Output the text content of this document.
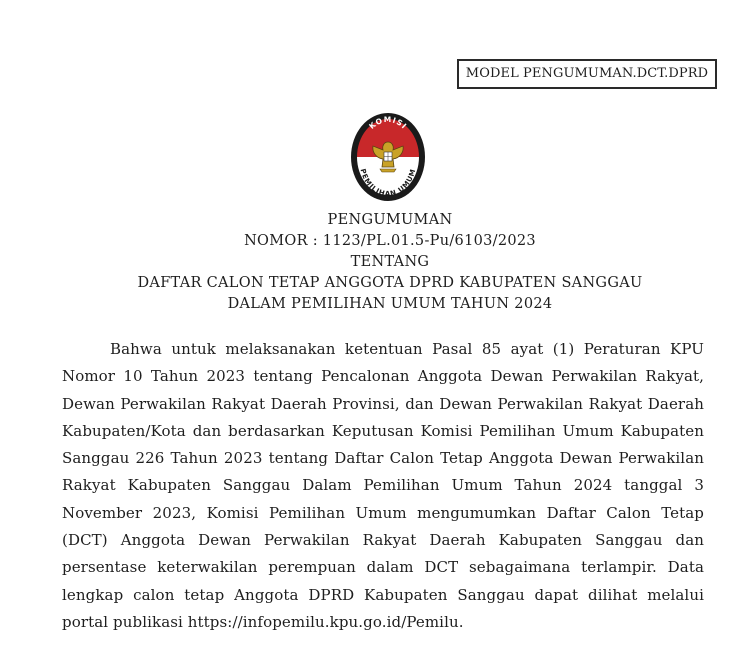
MODEL PENGUMUMAN.DCT.DPRD
KOMISI
PEMILIHAN UMUM
PENGUMUMAN
NOMOR : 1123/PL.01.5-Pu/6103/2023
TENTANG
DAFTAR CALON TETAP ANGGOTA DPRD KABUPATEN SANGGAU
DALAM PEMILIHAN UMUM TAHUN 2024
Bahwa untuk melaksanakan ketentuan Pasal 85 ayat (1) Peraturan KPU Nomor 10 Tahun 2023 tentang Pencalonan Anggota Dewan Perwakilan Rakyat, Dewan Perwakilan Rakyat Daerah Provinsi, dan Dewan Perwakilan Rakyat Daerah Kabupaten/Kota dan berdasarkan Keputusan Komisi Pemilihan Umum Kabupaten Sanggau 226 Tahun 2023 tentang Daftar Calon Tetap Anggota Dewan Perwakilan Rakyat Kabupaten Sanggau Dalam Pemilihan Umum Tahun 2024 tanggal 3 November 2023, Komisi Pemilihan Umum mengumumkan Daftar Calon Tetap (DCT) Anggota Dewan Perwakilan Rakyat Daerah Kabupaten Sanggau dan persentase keterwakilan perempuan dalam DCT sebagaimana terlampir. Data lengkap calon tetap Anggota DPRD Kabupaten Sanggau dapat dilihat melalui portal publikasi https://infopemilu.kpu.go.id/Pemilu.
